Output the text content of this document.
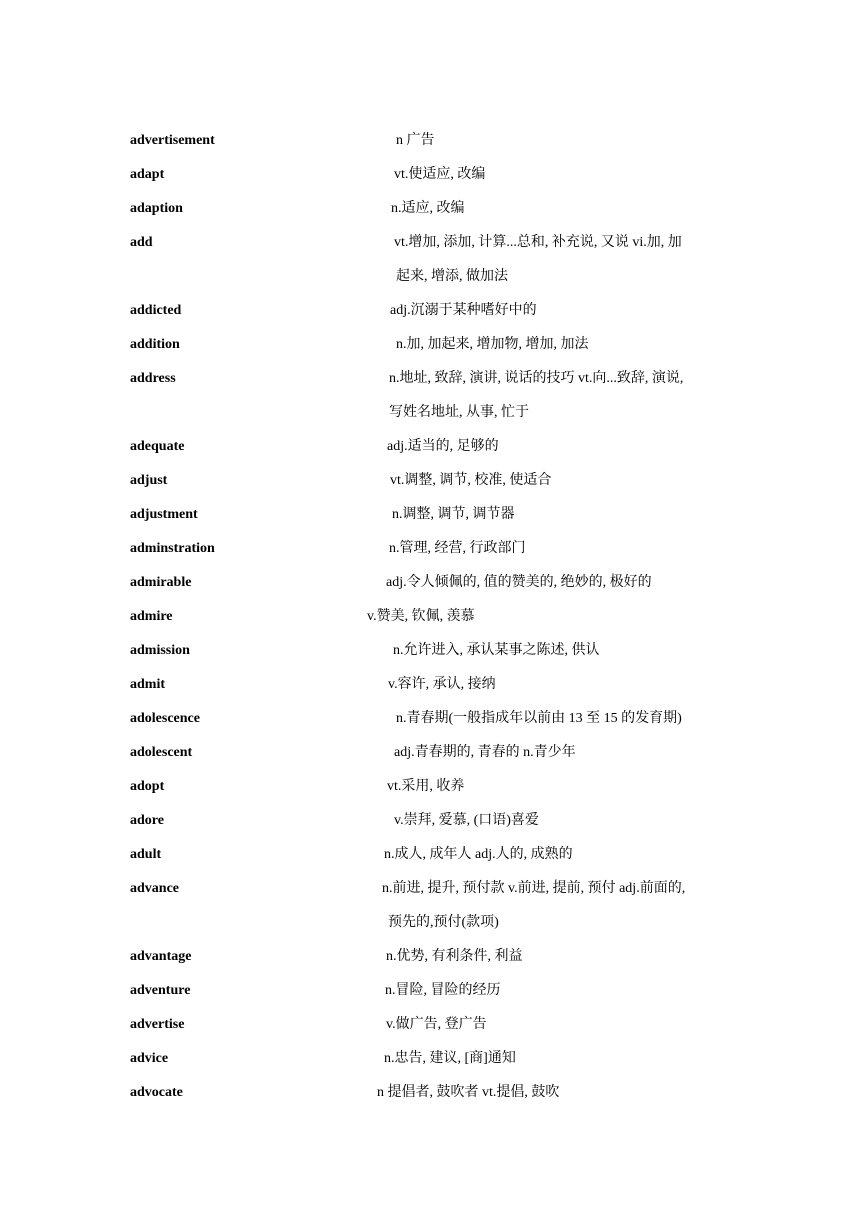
advertisement	n 广告
adapt	vt.使适应, 改编
adaption	n.适应, 改编
add	vt.增加, 添加, 计算...总和, 补充说, 又说 vi.加, 加
起来, 增添, 做加法
addicted	adj.沉溺于某种嗜好中的
addition	n.加, 加起来, 增加物, 增加, 加法
address	n.地址, 致辞, 演讲, 说话的技巧 vt.向...致辞, 演说,
写姓名地址, 从事, 忙于
adequate	adj.适当的, 足够的
adjust	vt.调整, 调节, 校准, 使适合
adjustment	n.调整, 调节, 调节器
adminstration	n.管理, 经营, 行政部门
admirable	adj.令人倾佩的, 值的赞美的, 绝妙的, 极好的
admire	v.赞美, 钦佩, 羡慕
admission	n.允许进入, 承认某事之陈述, 供认
admit	v.容许, 承认, 接纳
adolescence	n.青春期(一般指成年以前由 13 至 15 的发育期)
adolescent	adj.青春期的, 青春的 n.青少年
adopt	vt.采用, 收养
adore	v.崇拜, 爱慕, (口语)喜爱
adult	n.成人, 成年人 adj.人的, 成熟的
advance	n.前进, 提升, 预付款 v.前进, 提前, 预付 adj.前面的,
预先的,预付(款项)
advantage	n.优势, 有利条件, 利益
adventure	n.冒险, 冒险的经历
advertise	v.做广告, 登广告
advice	n.忠告, 建议, [商]通知
advocate	n 提倡者, 鼓吹者 vt.提倡, 鼓吹
